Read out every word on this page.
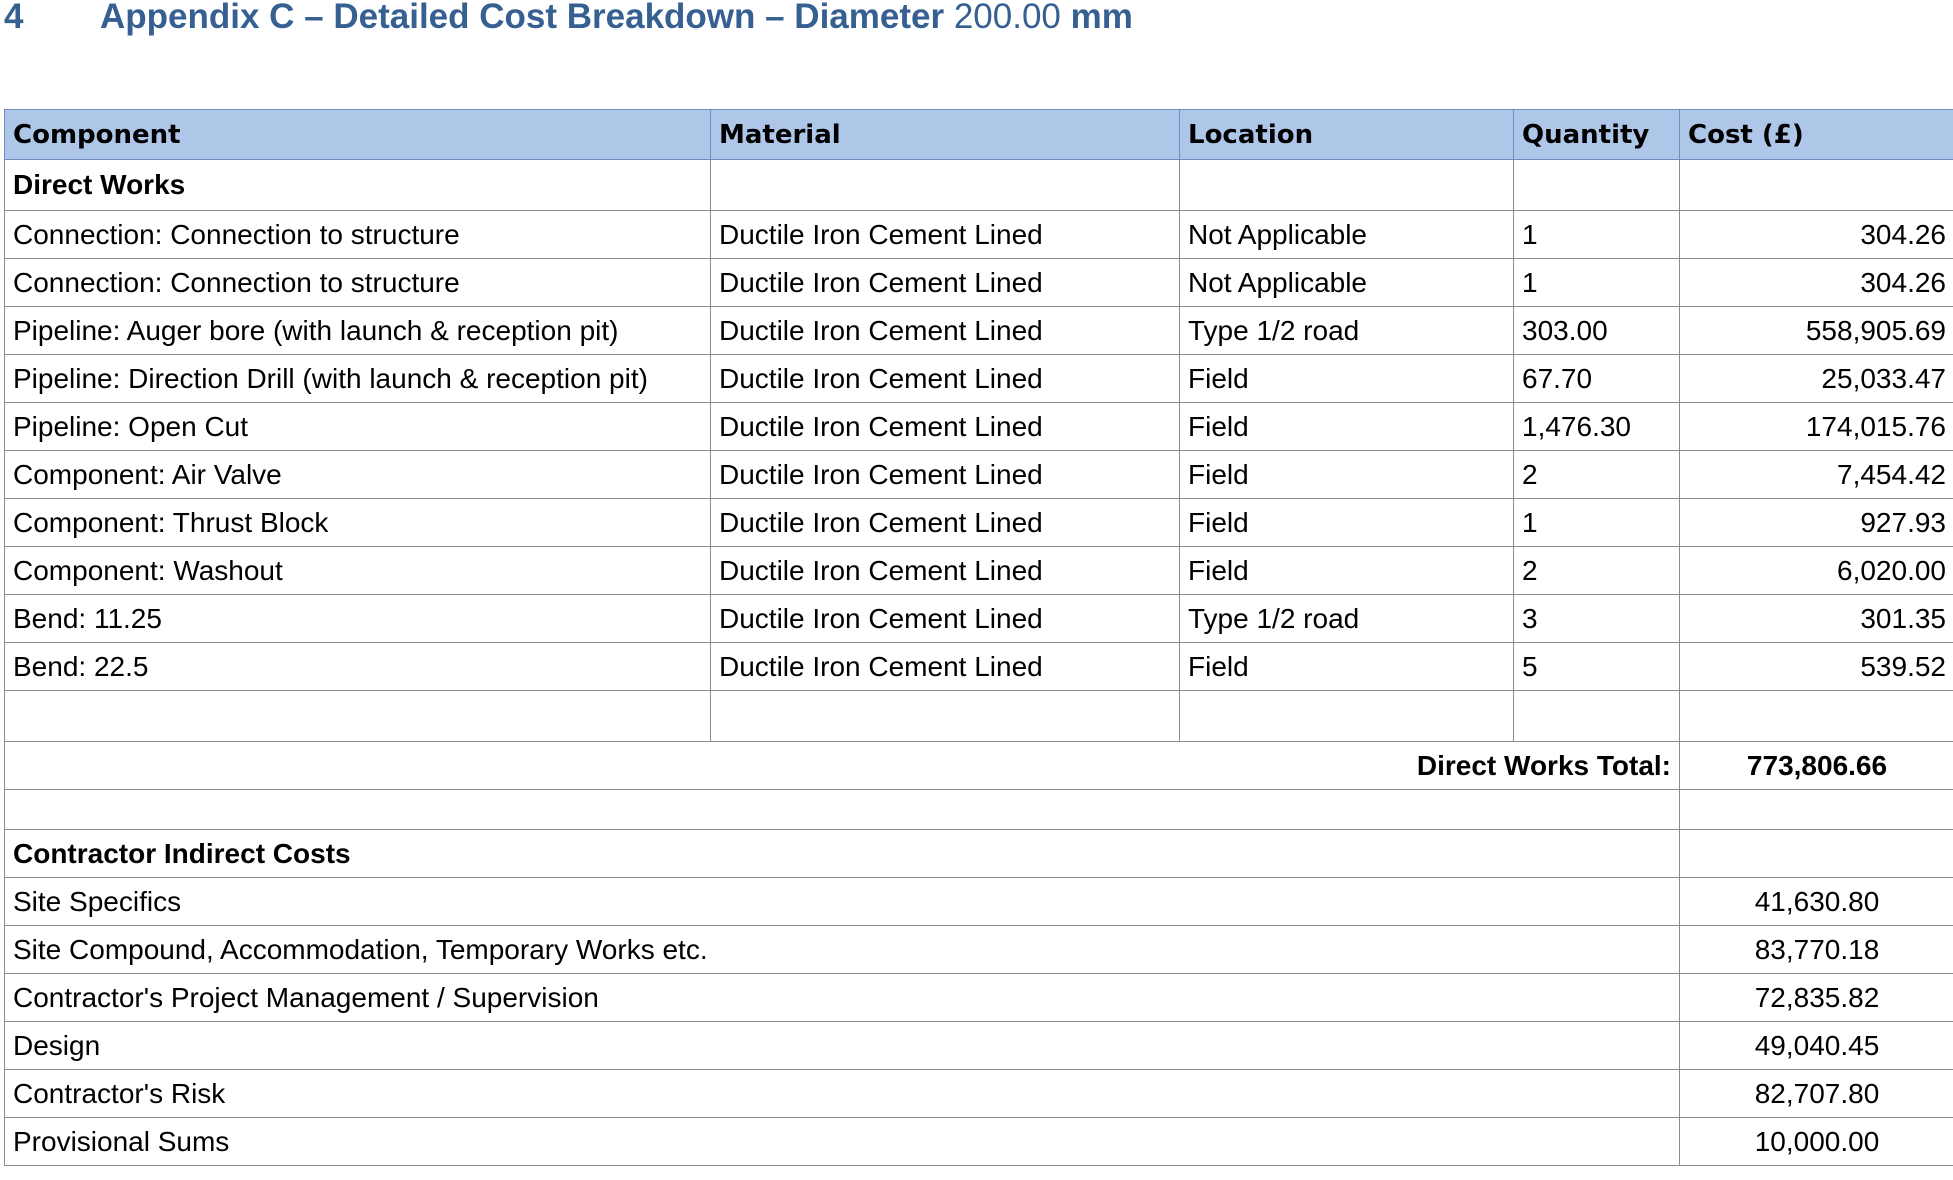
4 Appendix C – Detailed Cost Breakdown – Diameter 200.00 mm
Component	Material	Location	Quantity	Cost (£)
Direct Works				
Connection: Connection to structure	Ductile Iron Cement Lined	Not Applicable	1	304.26
Connection: Connection to structure	Ductile Iron Cement Lined	Not Applicable	1	304.26
Pipeline: Auger bore (with launch & reception pit)	Ductile Iron Cement Lined	Type 1/2 road	303.00	558,905.69
Pipeline: Direction Drill (with launch & reception pit)	Ductile Iron Cement Lined	Field	67.70	25,033.47
Pipeline: Open Cut	Ductile Iron Cement Lined	Field	1,476.30	174,015.76
Component: Air Valve	Ductile Iron Cement Lined	Field	2	7,454.42
Component: Thrust Block	Ductile Iron Cement Lined	Field	1	927.93
Component: Washout	Ductile Iron Cement Lined	Field	2	6,020.00
Bend: 11.25	Ductile Iron Cement Lined	Type 1/2 road	3	301.35
Bend: 22.5	Ductile Iron Cement Lined	Field	5	539.52

Direct Works Total:				773,806.66

Contractor Indirect Costs				
Site Specifics				41,630.80
Site Compound, Accommodation, Temporary Works etc.				83,770.18
Contractor's Project Management / Supervision				72,835.82
Design				49,040.45
Contractor's Risk				82,707.80
Provisional Sums				10,000.00
